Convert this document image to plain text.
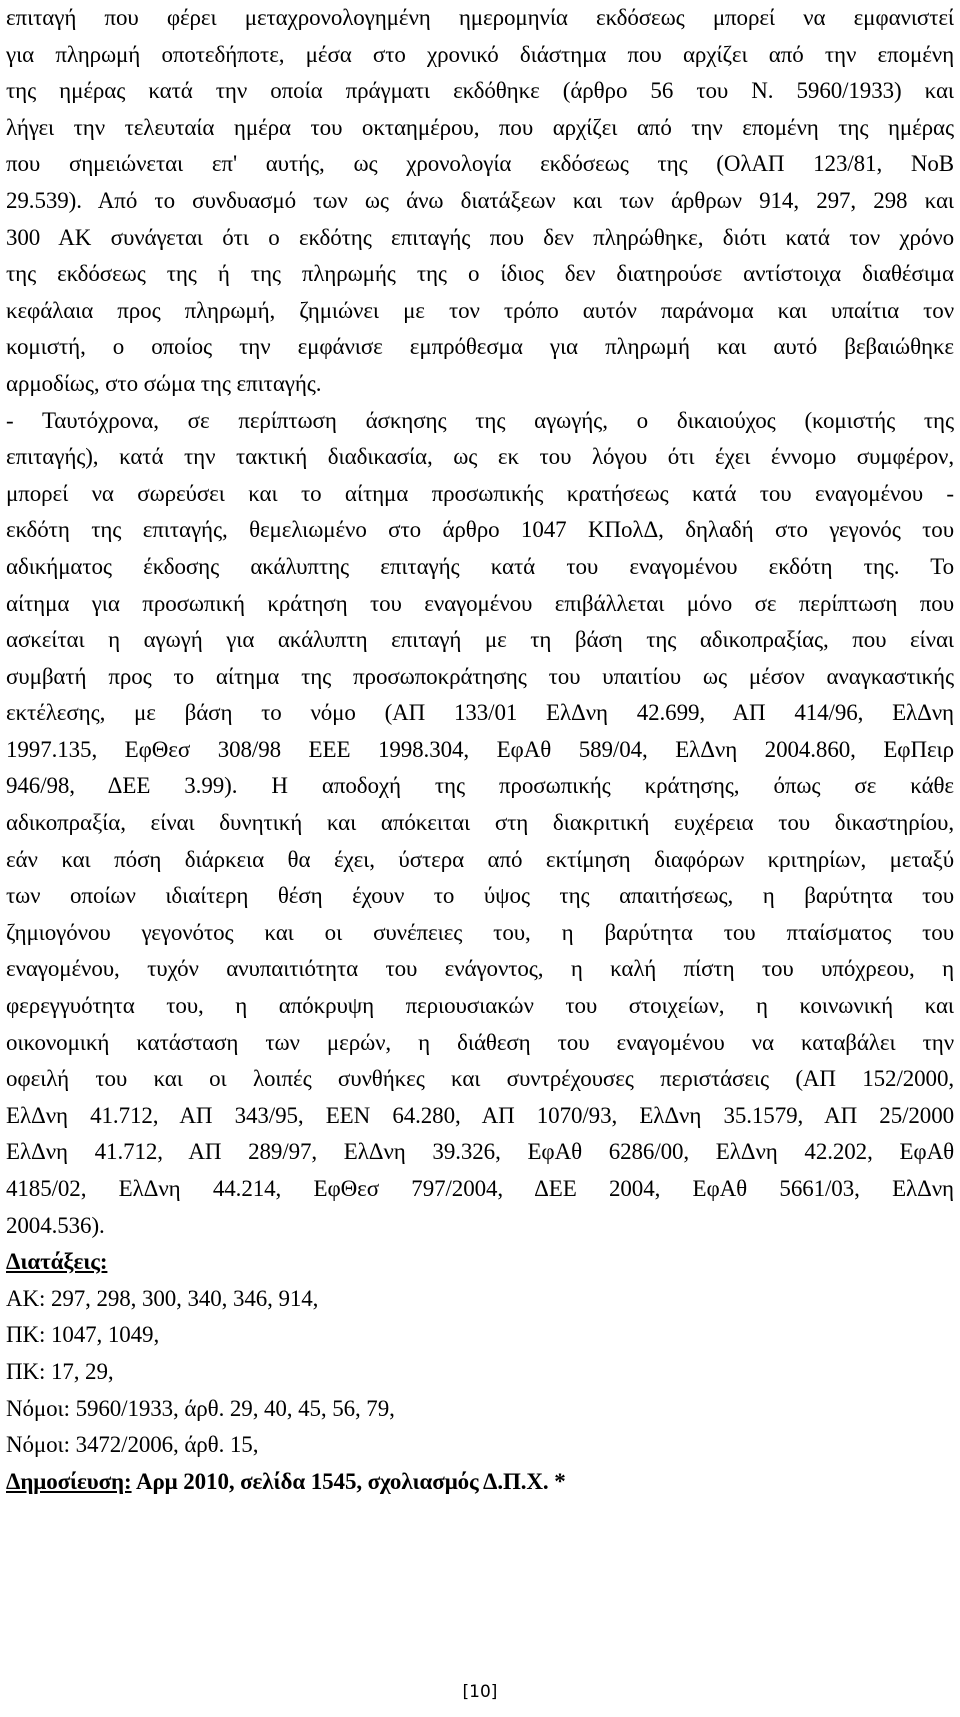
επιταγή που φέρει μεταχρονολογημένη ημερομηνία εκδόσεως μπορεί να εμφανιστεί
για πληρωμή οποτεδήποτε, μέσα στο χρονικό διάστημα που αρχίζει από την επομένη
της ημέρας κατά την οποία πράγματι εκδόθηκε (άρθρο 56 του Ν. 5960/1933) και
λήγει την τελευταία ημέρα του οκταημέρου, που αρχίζει από την επομένη της ημέρας
που σημειώνεται επ' αυτής, ως χρονολογία εκδόσεως της (ΟλΑΠ 123/81, ΝοΒ
29.539). Από το συνδυασμό των ως άνω διατάξεων και των άρθρων 914, 297, 298 και
300 ΑΚ συνάγεται ότι ο εκδότης επιταγής που δεν πληρώθηκε, διότι κατά τον χρόνο
της εκδόσεως της ή της πληρωμής της ο ίδιος δεν διατηρούσε αντίστοιχα διαθέσιμα
κεφάλαια προς πληρωμή, ζημιώνει με τον τρόπο αυτόν παράνομα και υπαίτια τον
κομιστή, ο οποίος την εμφάνισε εμπρόθεσμα για πληρωμή και αυτό βεβαιώθηκε
αρμοδίως, στο σώμα της επιταγής.
- Ταυτόχρονα, σε περίπτωση άσκησης της αγωγής, ο δικαιούχος (κομιστής της
επιταγής), κατά την τακτική διαδικασία, ως εκ του λόγου ότι έχει έννομο συμφέρον,
μπορεί να σωρεύσει και το αίτημα προσωπικής κρατήσεως κατά του εναγομένου -
εκδότη της επιταγής, θεμελιωμένο στο άρθρο 1047 ΚΠολΔ, δηλαδή στο γεγονός του
αδικήματος έκδοσης ακάλυπτης επιταγής κατά του εναγομένου εκδότη της. Το
αίτημα για προσωπική κράτηση του εναγομένου επιβάλλεται μόνο σε περίπτωση που
ασκείται η αγωγή για ακάλυπτη επιταγή με τη βάση της αδικοπραξίας, που είναι
συμβατή προς το αίτημα της προσωποκράτησης του υπαιτίου ως μέσον αναγκαστικής
εκτέλεσης, με βάση το νόμο (ΑΠ 133/01 ΕλΔνη 42.699, ΑΠ 414/96, ΕλΔνη
1997.135, ΕφΘεσ 308/98 ΕΕΕ 1998.304, ΕφΑθ 589/04, ΕλΔνη 2004.860, ΕφΠειρ
946/98, ΔΕΕ 3.99). Η αποδοχή της προσωπικής κράτησης, όπως σε κάθε
αδικοπραξία, είναι δυνητική και απόκειται στη διακριτική ευχέρεια του δικαστηρίου,
εάν και πόση διάρκεια θα έχει, ύστερα από εκτίμηση διαφόρων κριτηρίων, μεταξύ
των οποίων ιδιαίτερη θέση έχουν το ύψος της απαιτήσεως, η βαρύτητα του
ζημιογόνου γεγονότος και οι συνέπειες του, η βαρύτητα του πταίσματος του
εναγομένου, τυχόν ανυπαιτιότητα του ενάγοντος, η καλή πίστη του υπόχρεου, η
φερεγγυότητα του, η απόκρυψη περιουσιακών του στοιχείων, η κοινωνική και
οικονομική κατάσταση των μερών, η διάθεση του εναγομένου να καταβάλει την
οφειλή του και οι λοιπές συνθήκες και συντρέχουσες περιστάσεις (ΑΠ 152/2000,
ΕλΔνη 41.712, ΑΠ 343/95, ΕΕΝ 64.280, ΑΠ 1070/93, ΕλΔνη 35.1579, ΑΠ 25/2000
ΕλΔνη 41.712, ΑΠ 289/97, ΕλΔνη 39.326, ΕφΑθ 6286/00, ΕλΔνη 42.202, ΕφΑθ
4185/02, ΕλΔνη 44.214, ΕφΘεσ 797/2004, ΔΕΕ 2004, ΕφΑθ 5661/03, ΕλΔνη
2004.536).
Διατάξεις:
ΑΚ: 297, 298, 300, 340, 346, 914,
ΠΚ: 1047, 1049,
ΠΚ: 17, 29,
Νόμοι: 5960/1933, άρθ. 29, 40, 45, 56, 79,
Νόμοι: 3472/2006, άρθ. 15,
Δημοσίευση: Αρμ 2010, σελίδα 1545, σχολιασμός Δ.Π.Χ. *
[10]
